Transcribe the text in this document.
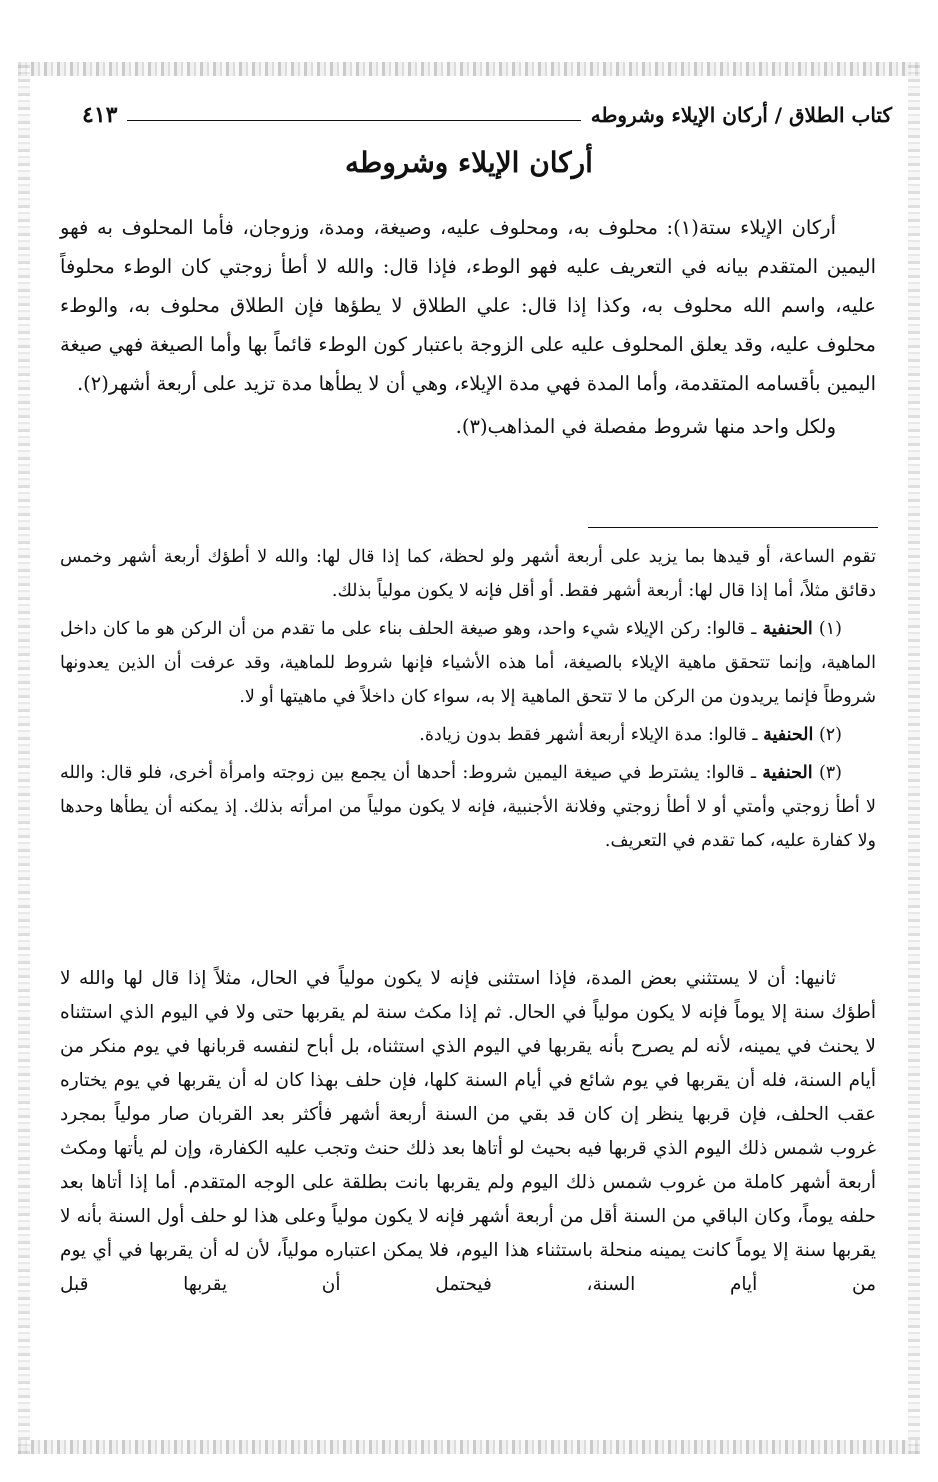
كتاب الطلاق / أركان الإيلاء وشروطه
٤١٣
أركان الإيلاء وشروطه

أركان الإيلاء ستة(١): محلوف به، ومحلوف عليه، وصيغة، ومدة، وزوجان، فأما المحلوف به فهو اليمين المتقدم بيانه في التعريف عليه فهو الوطء، فإذا قال: والله لا أطأ زوجتي كان الوطء محلوفاً عليه، واسم الله محلوف به، وكذا إذا قال: علي الطلاق لا يطؤها فإن الطلاق محلوف به، والوطء محلوف عليه، وقد يعلق المحلوف عليه على الزوجة باعتبار كون الوطء قائماً بها وأما الصيغة فهي صيغة اليمين بأقسامه المتقدمة، وأما المدة فهي مدة الإيلاء، وهي أن لا يطأها مدة تزيد على أربعة أشهر(٢).

ولكل واحد منها شروط مفصلة في المذاهب(٣).

تقوم الساعة، أو قيدها بما يزيد على أربعة أشهر ولو لحظة، كما إذا قال لها: والله لا أطؤك أربعة أشهر وخمس دقائق مثلاً، أما إذا قال لها: أربعة أشهر فقط. أو أقل فإنه لا يكون مولياً بذلك.

(١) الحنفية ـ قالوا: ركن الإيلاء شيء واحد، وهو صيغة الحلف بناء على ما تقدم من أن الركن هو ما كان داخل الماهية، وإنما تتحقق ماهية الإيلاء بالصيغة، أما هذه الأشياء فإنها شروط للماهية، وقد عرفت أن الذين يعدونها شروطاً فإنما يريدون من الركن ما لا تتحق الماهية إلا به، سواء كان داخلاً في ماهيتها أو لا.

(٢) الحنفية ـ قالوا: مدة الإيلاء أربعة أشهر فقط بدون زيادة.

(٣) الحنفية ـ قالوا: يشترط في صيغة اليمين شروط: أحدها أن يجمع بين زوجته وامرأة أخرى، فلو قال: والله لا أطأ زوجتي وأمتي أو لا أطأ زوجتي وفلانة الأجنبية، فإنه لا يكون مولياً من امرأته بذلك. إذ يمكنه أن يطأها وحدها ولا كفارة عليه، كما تقدم في التعريف.

ثانيها: أن لا يستثني بعض المدة، فإذا استثنى فإنه لا يكون مولياً في الحال، مثلاً إذا قال لها والله لا أطؤك سنة إلا يوماً فإنه لا يكون مولياً في الحال. ثم إذا مكث سنة لم يقربها حتى ولا في اليوم الذي استثناه لا يحنث في يمينه، لأنه لم يصرح بأنه يقربها في اليوم الذي استثناه، بل أباح لنفسه قربانها في يوم منكر من أيام السنة، فله أن يقربها في يوم شائع في أيام السنة كلها، فإن حلف بهذا كان له أن يقربها في يوم يختاره عقب الحلف، فإن قربها ينظر إن كان قد بقي من السنة أربعة أشهر فأكثر بعد القربان صار مولياً بمجرد غروب شمس ذلك اليوم الذي قربها فيه بحيث لو أتاها بعد ذلك حنث وتجب عليه الكفارة، وإن لم يأتها ومكث أربعة أشهر كاملة من غروب شمس ذلك اليوم ولم يقربها بانت بطلقة على الوجه المتقدم. أما إذا أتاها بعد حلفه يوماً، وكان الباقي من السنة أقل من أربعة أشهر فإنه لا يكون مولياً وعلى هذا لو حلف أول السنة بأنه لا يقربها سنة إلا يوماً كانت يمينه منحلة باستثناء هذا اليوم، فلا يمكن اعتباره مولياً، لأن له أن يقربها في أي يوم من أيام السنة، فيحتمل أن يقربها قبل
